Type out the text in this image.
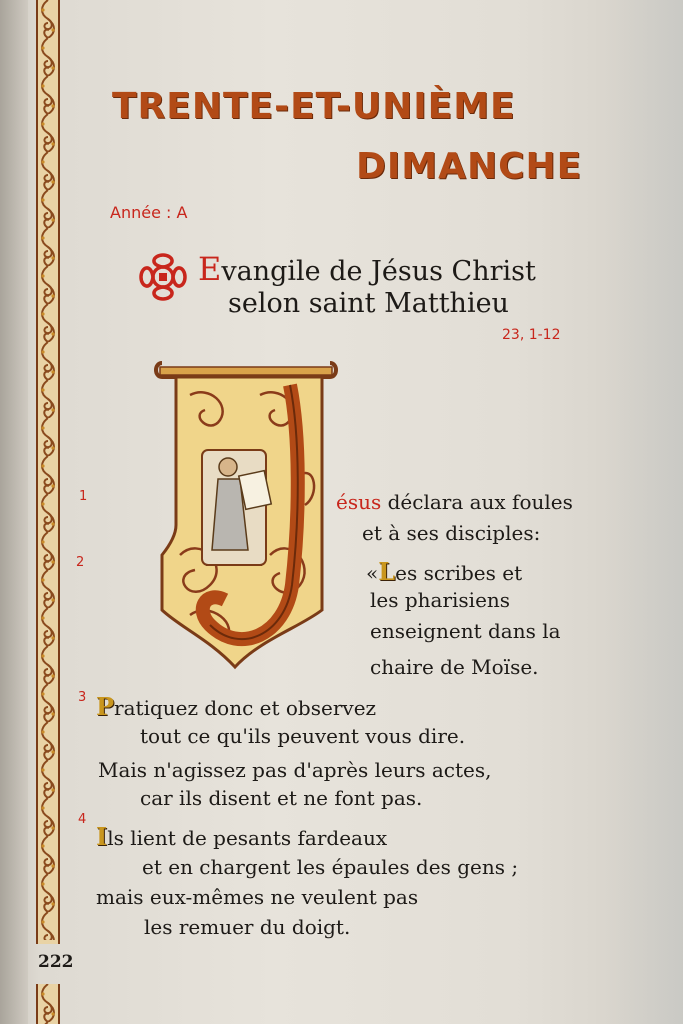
TRENTE-ET-UNIÈME
DIMANCHE
Année : A
Evangile de Jésus Christ
selon saint Matthieu
23, 1-12
1
2
3
4
ésus déclara aux foules
et à ses disciples:
«Les scribes et
les pharisiens
enseignent dans la
chaire de Moïse.
Pratiquez donc et observez
tout ce qu'ils peuvent vous dire.
Mais n'agissez pas d'après leurs actes,
car ils disent et ne font pas.
Ils lient de pesants fardeaux
et en chargent les épaules des gens ;
mais eux-mêmes ne veulent pas
les remuer du doigt.
222
